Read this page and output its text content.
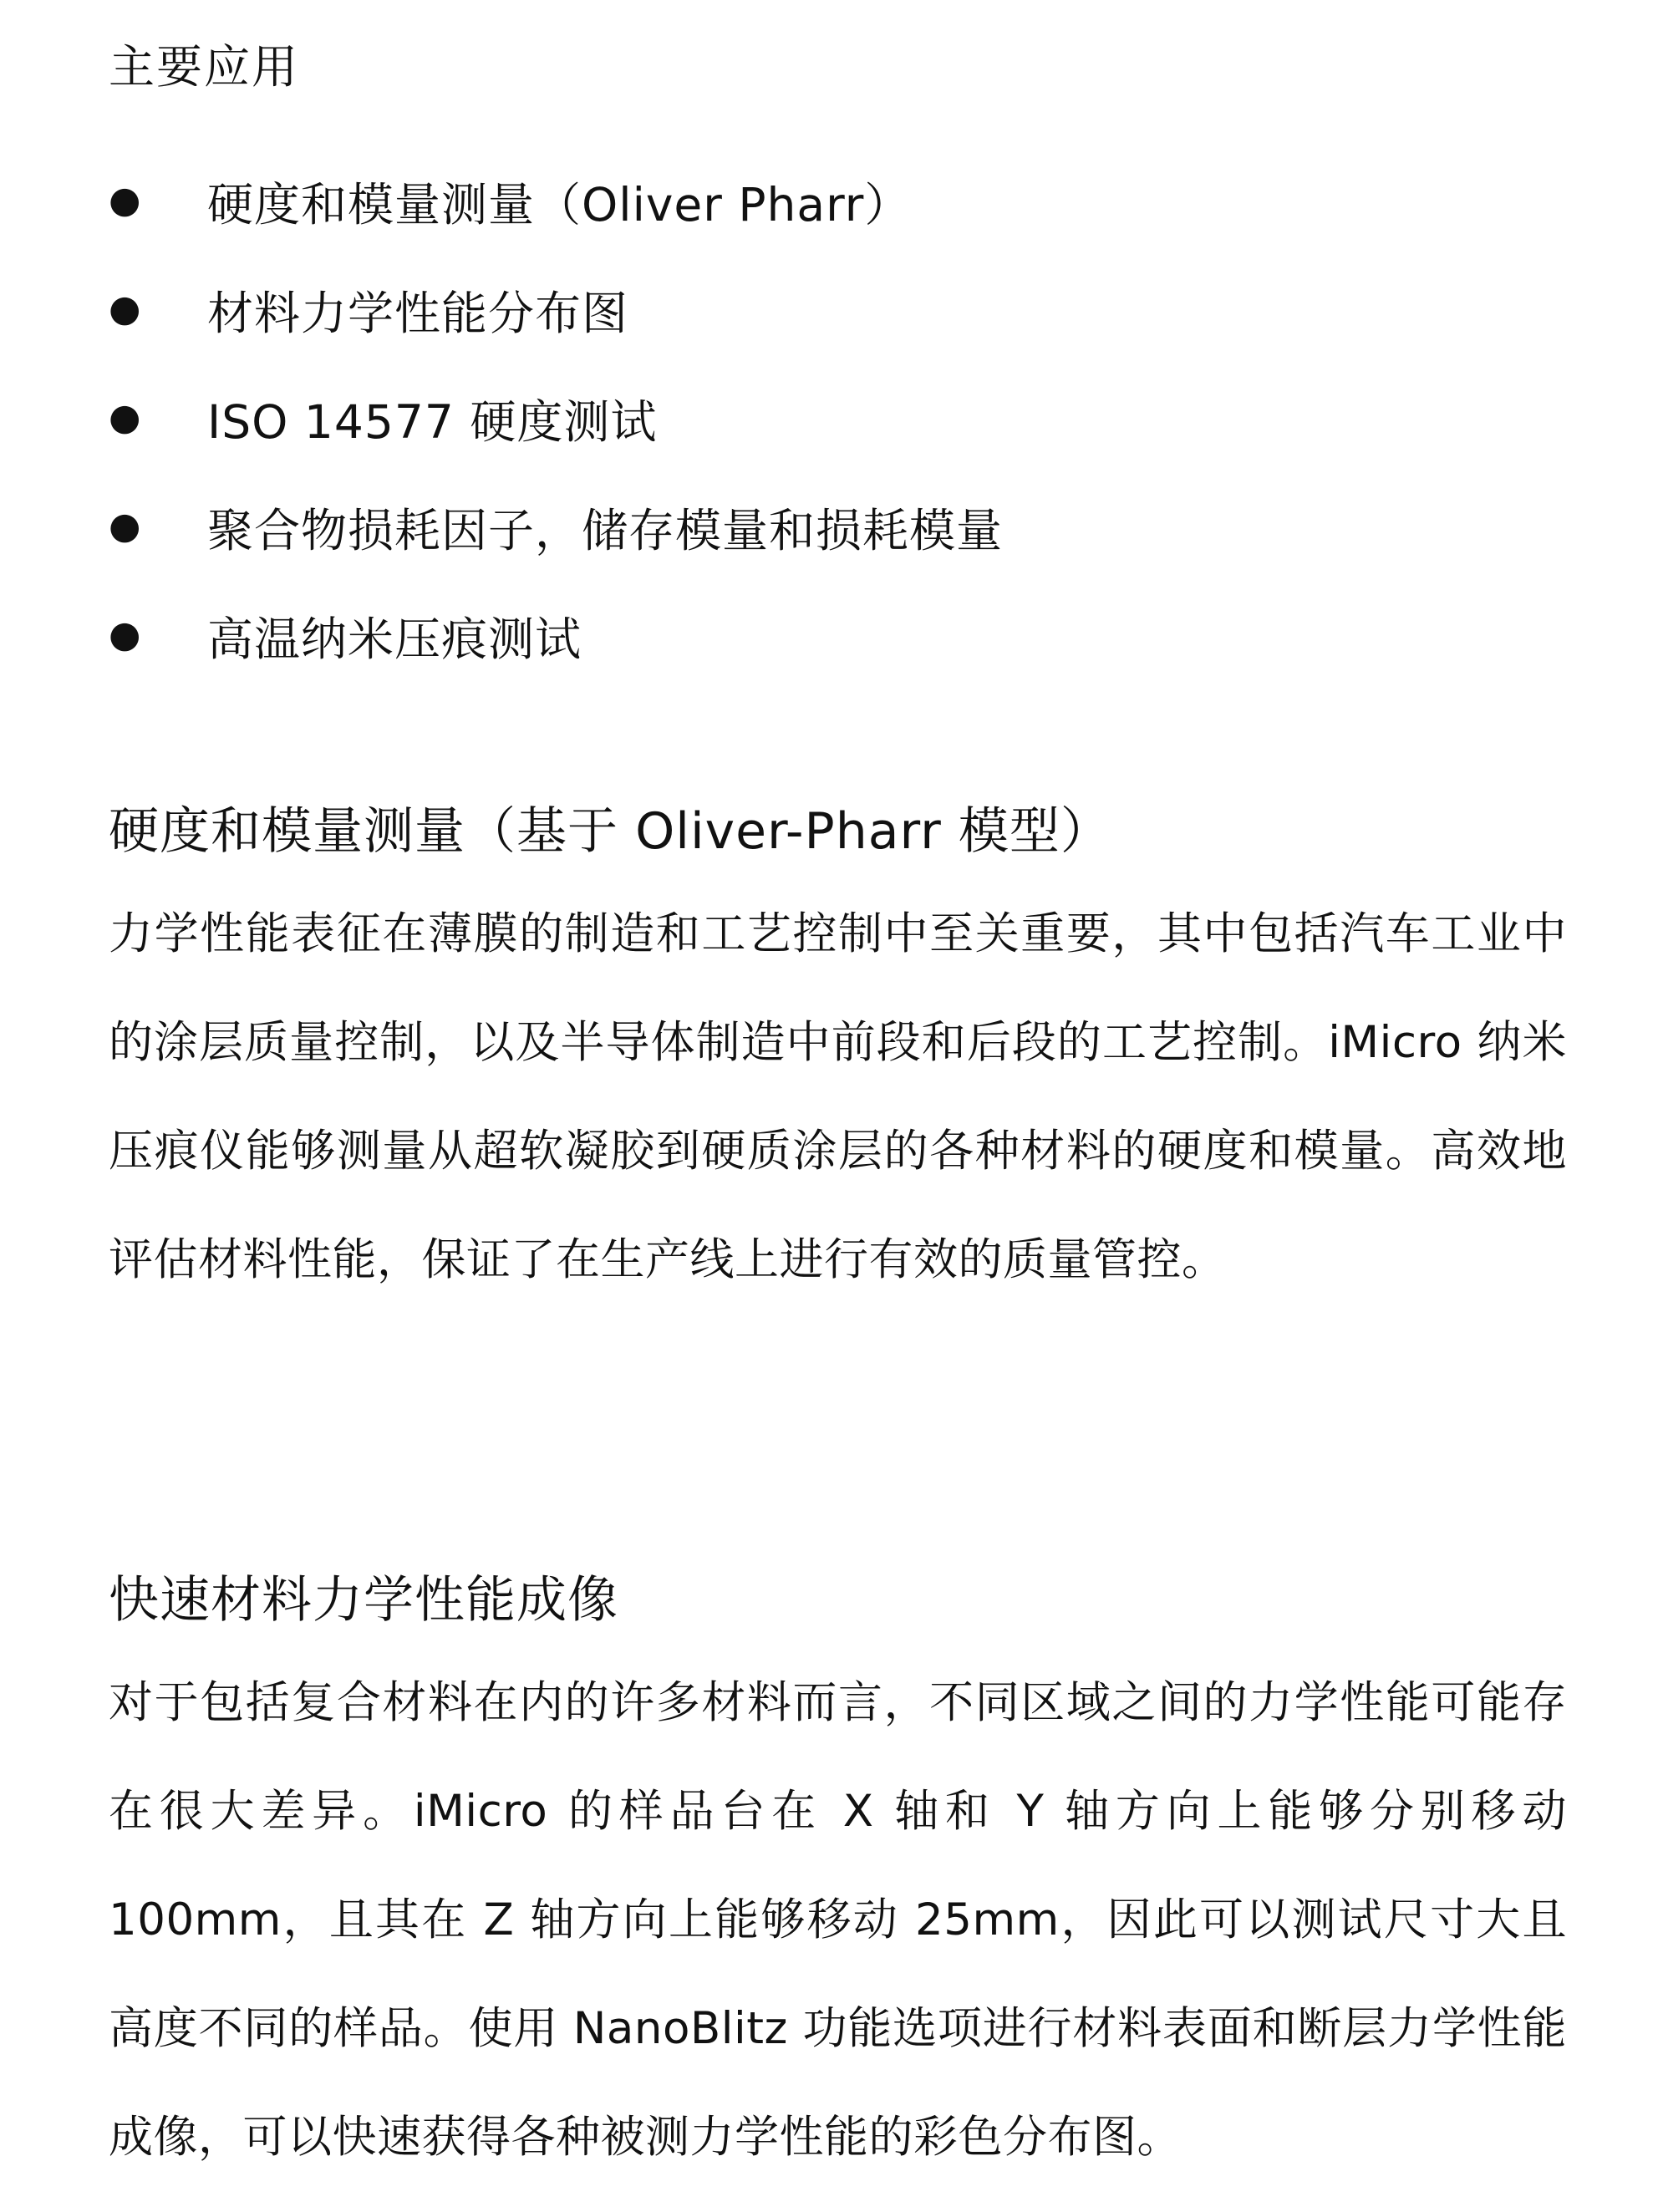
主要应用
●	硬度和模量测量（Oliver Pharr）
●	材料力学性能分布图
●	ISO 14577 硬度测试
●	聚合物损耗因子，储存模量和损耗模量
●	高温纳米压痕测试
硬度和模量测量（基于 Oliver-Pharr 模型）

力学性能表征在薄膜的制造和工艺控制中至关重要，其中包括汽车工业中的涂层质量控制，以及半导体制造中前段和后段的工艺控制。iMicro 纳米压痕仪能够测量从超软凝胶到硬质涂层的各种材料的硬度和模量。高效地评估材料性能，保证了在生产线上进行有效的质量管控。

快速材料力学性能成像

对于包括复合材料在内的许多材料而言，不同区域之间的力学性能可能存在很大差异。iMicro 的样品台在 X 轴和 Y 轴方向上能够分别移动 100mm，且其在 Z 轴方向上能够移动 25mm，因此可以测试尺寸大且高度不同的样品。使用 NanoBlitz 功能选项进行材料表面和断层力学性能成像，可以快速获得各种被测力学性能的彩色分布图。
